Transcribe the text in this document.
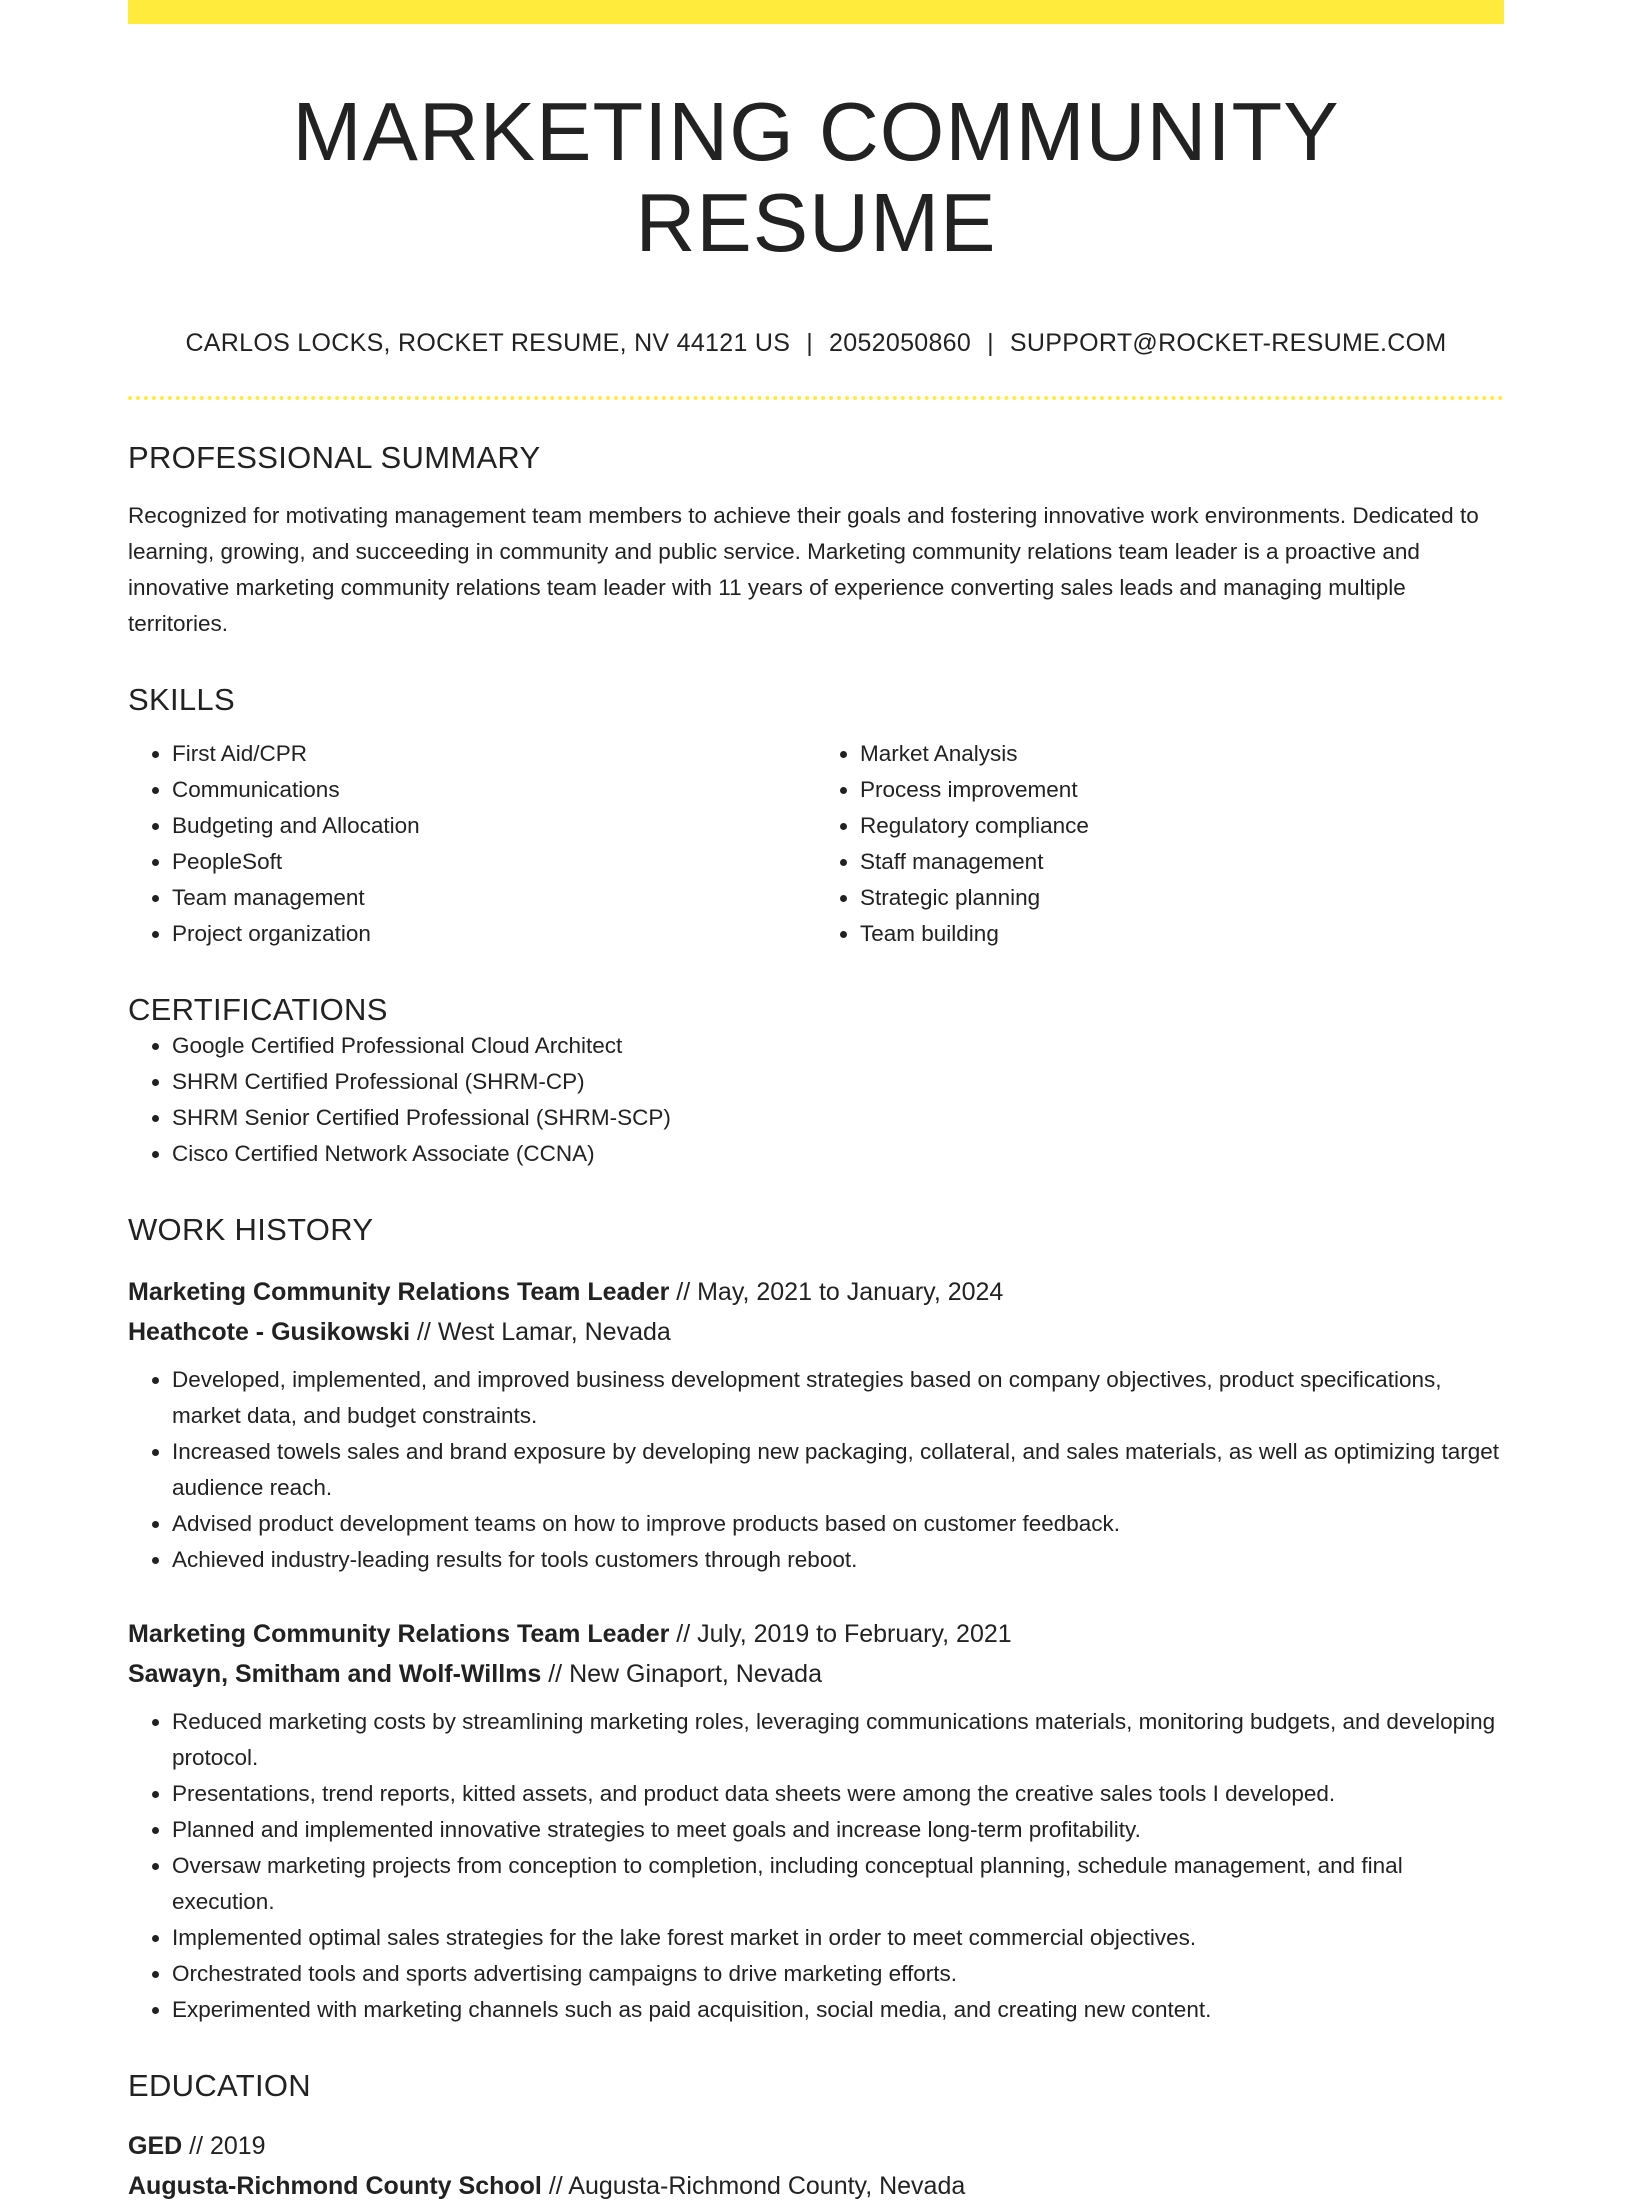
MARKETING COMMUNITY RESUME
CARLOS LOCKS, ROCKET RESUME, NV 44121 US | 2052050860 | SUPPORT@ROCKET-RESUME.COM
PROFESSIONAL SUMMARY
Recognized for motivating management team members to achieve their goals and fostering innovative work environments. Dedicated to learning, growing, and succeeding in community and public service. Marketing community relations team leader is a proactive and innovative marketing community relations team leader with 11 years of experience converting sales leads and managing multiple territories.
SKILLS
• First Aid/CPR
• Communications
• Budgeting and Allocation
• PeopleSoft
• Team management
• Project organization
• Market Analysis
• Process improvement
• Regulatory compliance
• Staff management
• Strategic planning
• Team building
CERTIFICATIONS
• Google Certified Professional Cloud Architect
• SHRM Certified Professional (SHRM-CP)
• SHRM Senior Certified Professional (SHRM-SCP)
• Cisco Certified Network Associate (CCNA)
WORK HISTORY
Marketing Community Relations Team Leader // May, 2021 to January, 2024
Heathcote - Gusikowski // West Lamar, Nevada
• Developed, implemented, and improved business development strategies based on company objectives, product specifications, market data, and budget constraints.
• Increased towels sales and brand exposure by developing new packaging, collateral, and sales materials, as well as optimizing target audience reach.
• Advised product development teams on how to improve products based on customer feedback.
• Achieved industry-leading results for tools customers through reboot.
Marketing Community Relations Team Leader // July, 2019 to February, 2021
Sawayn, Smitham and Wolf-Willms // New Ginaport, Nevada
• Reduced marketing costs by streamlining marketing roles, leveraging communications materials, monitoring budgets, and developing protocol.
• Presentations, trend reports, kitted assets, and product data sheets were among the creative sales tools I developed.
• Planned and implemented innovative strategies to meet goals and increase long-term profitability.
• Oversaw marketing projects from conception to completion, including conceptual planning, schedule management, and final execution.
• Implemented optimal sales strategies for the lake forest market in order to meet commercial objectives.
• Orchestrated tools and sports advertising campaigns to drive marketing efforts.
• Experimented with marketing channels such as paid acquisition, social media, and creating new content.
EDUCATION
GED // 2019
Augusta-Richmond County School // Augusta-Richmond County, Nevada
